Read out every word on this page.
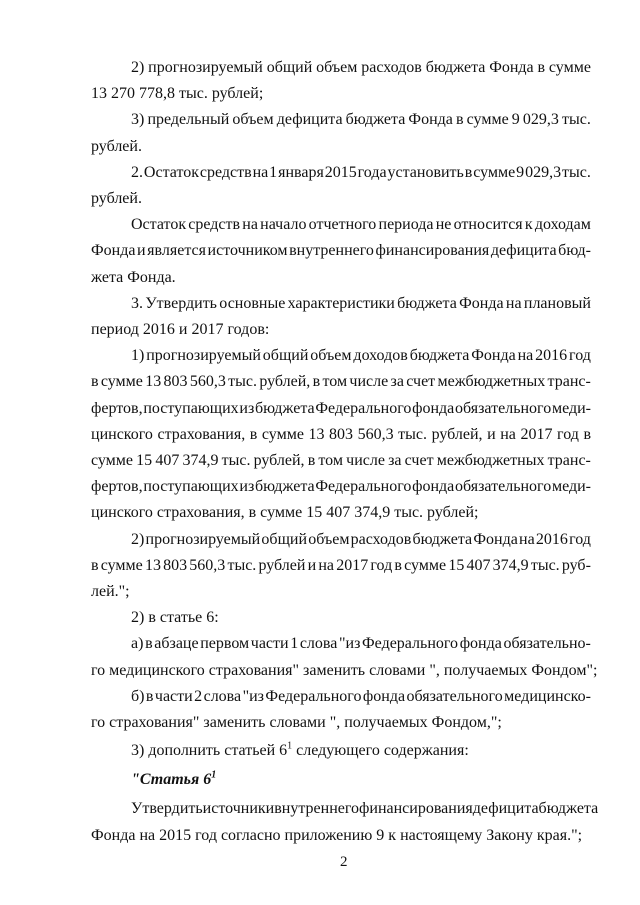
2) прогнозируемый общий объем расходов бюджета Фонда в сумме
13 270 778,8 тыс. рублей;
3) предельный объем дефицита бюджета Фонда в сумме 9 029,3 тыс.
рублей.
2. Остаток средств на 1 января 2015 года установить в сумме 9 029,3 тыс.
рублей.
Остаток средств на начало отчетного периода не относится к доходам
Фонда и является источником внутреннего финансирования дефицита бюд-
жета Фонда.
3. Утвердить основные характеристики бюджета Фонда на плановый
период 2016 и 2017 годов:
1) прогнозируемый общий объем доходов бюджета Фонда на 2016 год
в сумме 13 803 560,3 тыс. рублей, в том числе за счет межбюджетных транс-
фертов, поступающих из бюджета Федерального фонда обязательного меди-
цинского страхования, в сумме 13 803 560,3 тыс. рублей, и на 2017 год в
сумме 15 407 374,9 тыс. рублей, в том числе за счет межбюджетных транс-
фертов, поступающих из бюджета Федерального фонда обязательного меди-
цинского страхования, в сумме 15 407 374,9 тыс. рублей;
2) прогнозируемый общий объем расходов бюджета Фонда на 2016 год
в сумме 13 803 560,3 тыс. рублей и на 2017 год в сумме 15 407 374,9 тыс. руб-
лей.";
2) в статье 6:
а) в абзаце первом части 1 слова "из Федерального фонда обязательно-
го медицинского страхования" заменить словами ", получаемых Фондом";
б) в части 2 слова "из Федерального фонда обязательного медицинско-
го страхования" заменить словами ", получаемых Фондом,";
3) дополнить статьей $6^1$ следующего содержания:
"Статья $6^1$
Утвердить источники внутреннего финансирования дефицита бюджета
Фонда на 2015 год согласно приложению 9 к настоящему Закону края.";
2
